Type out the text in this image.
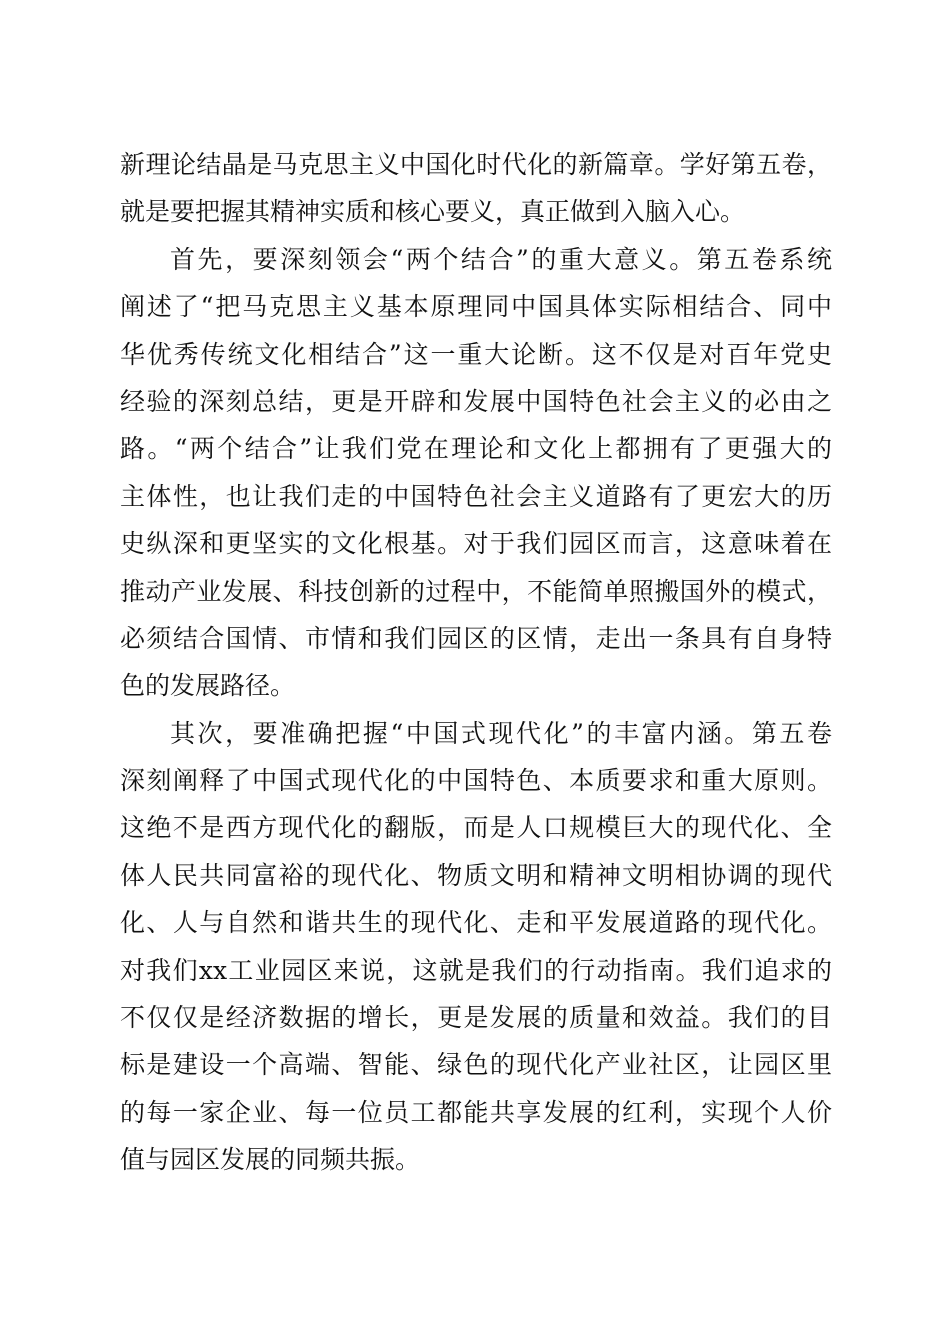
新理论结晶是马克思主义中国化时代化的新篇章。学好第五卷，
就是要把握其精神实质和核心要义，真正做到入脑入心。
首先，要深刻领会“两个结合”的重大意义。第五卷系统
阐述了“把马克思主义基本原理同中国具体实际相结合、同中
华优秀传统文化相结合”这一重大论断。这不仅是对百年党史
经验的深刻总结，更是开辟和发展中国特色社会主义的必由之
路。“两个结合”让我们党在理论和文化上都拥有了更强大的
主体性，也让我们走的中国特色社会主义道路有了更宏大的历
史纵深和更坚实的文化根基。对于我们园区而言，这意味着在
推动产业发展、科技创新的过程中，不能简单照搬国外的模式，
必须结合国情、市情和我们园区的区情，走出一条具有自身特
色的发展路径。
其次，要准确把握“中国式现代化”的丰富内涵。第五卷
深刻阐释了中国式现代化的中国特色、本质要求和重大原则。
这绝不是西方现代化的翻版，而是人口规模巨大的现代化、全
体人民共同富裕的现代化、物质文明和精神文明相协调的现代
化、人与自然和谐共生的现代化、走和平发展道路的现代化。
对我们xx工业园区来说，这就是我们的行动指南。我们追求的
不仅仅是经济数据的增长，更是发展的质量和效益。我们的目
标是建设一个高端、智能、绿色的现代化产业社区，让园区里
的每一家企业、每一位员工都能共享发展的红利，实现个人价
值与园区发展的同频共振。
